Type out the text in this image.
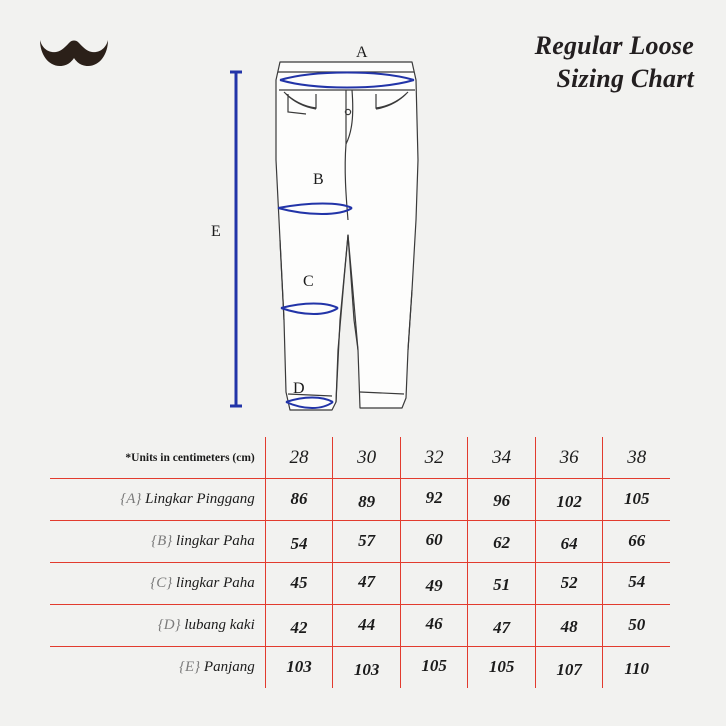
Regular Loose
Sizing Chart
A
B
C
D
E
*Units in centimeters (cm)	28	30	32	34	36	38
{A} Lingkar Pinggang	86	89	92	96	102	105
{B} lingkar Paha	54	57	60	62	64	66
{C} lingkar Paha	45	47	49	51	52	54
{D} lubang kaki	42	44	46	47	48	50
{E} Panjang	103	103	105	105	107	110
